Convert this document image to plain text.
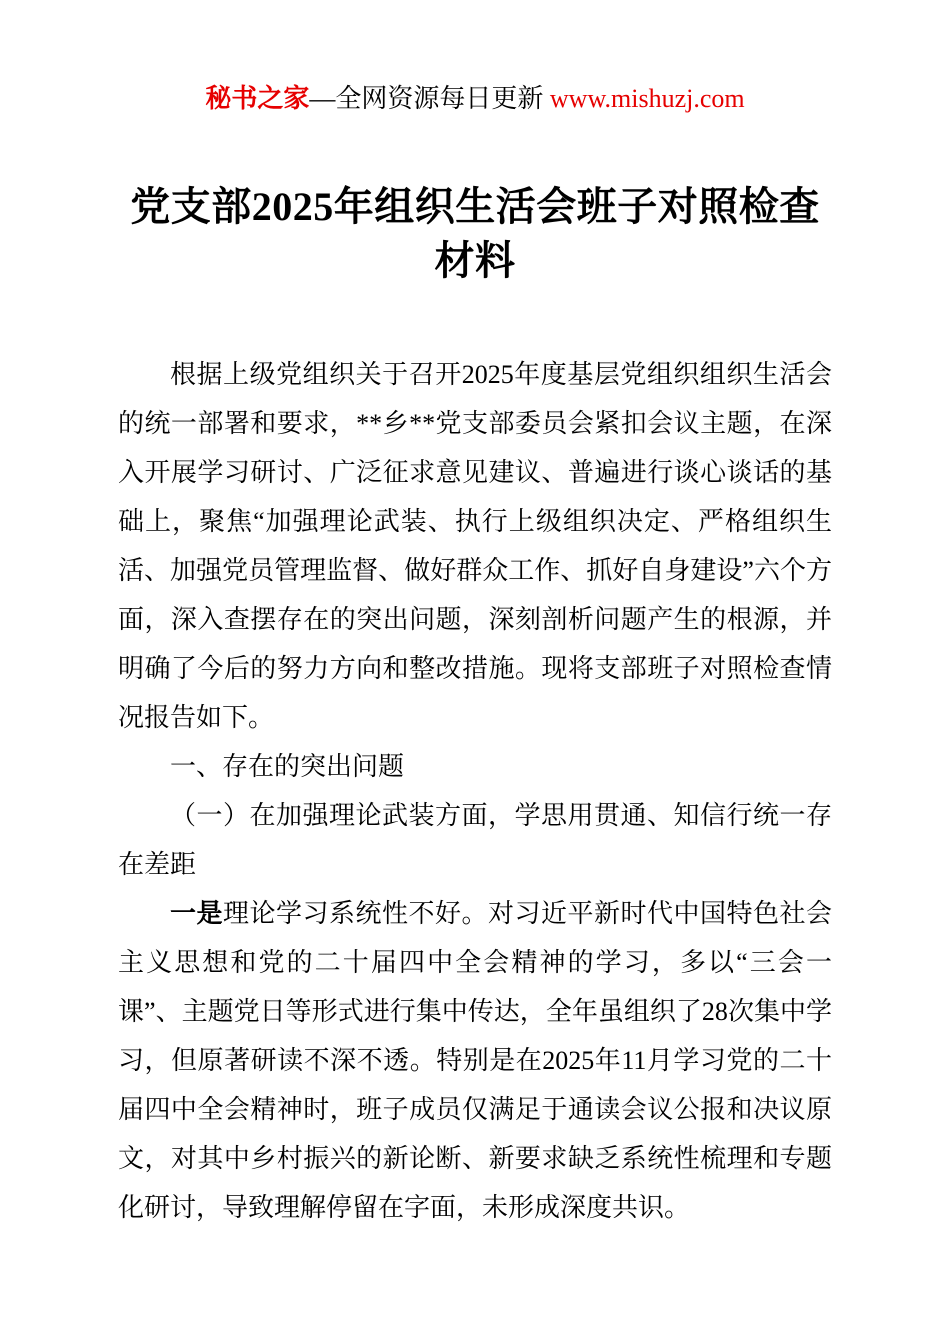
秘书之家—全网资源每日更新 www.mishuzj.com
党支部2025年组织生活会班子对照检查材料

根据上级党组织关于召开2025年度基层党组织组织生活会的统一部署和要求，**乡**党支部委员会紧扣会议主题，在深入开展学习研讨、广泛征求意见建议、普遍进行谈心谈话的基础上，聚焦“加强理论武装、执行上级组织决定、严格组织生活、加强党员管理监督、做好群众工作、抓好自身建设”六个方面，深入查摆存在的突出问题，深刻剖析问题产生的根源，并明确了今后的努力方向和整改措施。现将支部班子对照检查情况报告如下。

一、存在的突出问题

（一）在加强理论武装方面，学思用贯通、知信行统一存在差距

一是理论学习系统性不好。对习近平新时代中国特色社会主义思想和党的二十届四中全会精神的学习，多以“三会一课”、主题党日等形式进行集中传达，全年虽组织了28次集中学习，但原著研读不深不透。特别是在2025年11月学习党的二十届四中全会精神时，班子成员仅满足于通读会议公报和决议原文，对其中乡村振兴的新论断、新要求缺乏系统性梳理和专题化研讨，导致理解停留在字面，未形成深度共识。
